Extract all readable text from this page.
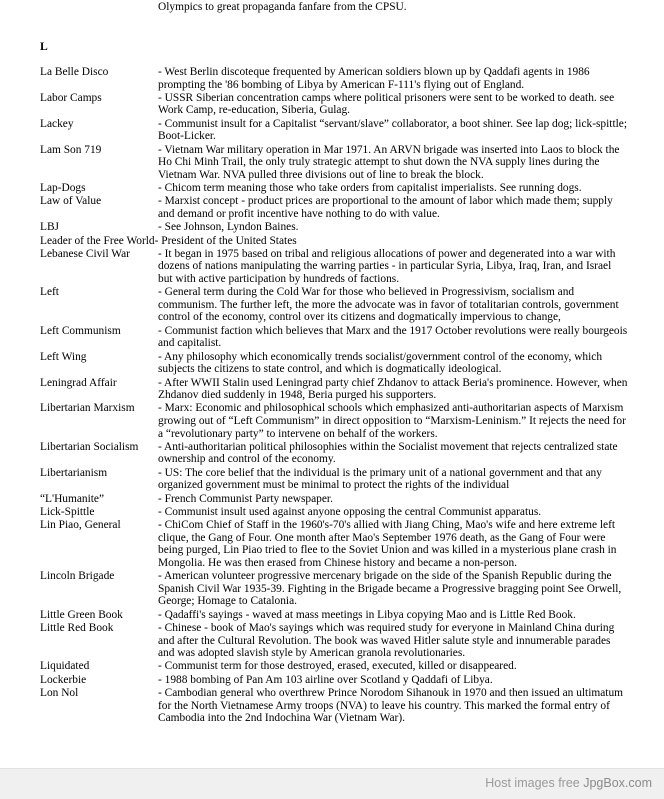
Olympics to great propaganda fanfare from the CPSU.
L
La Belle Disco	- West Berlin discoteque frequented by American soldiers blown up by Qaddafi agents in 1986 prompting the '86 bombing of Libya by American F-111's flying out of England.
Labor Camps	- USSR Siberian concentration camps where political prisoners were sent to be worked to death. see Work Camp, re-education, Siberia, Gulag.
Lackey	- Communist insult for a Capitalist “servant/slave” collaborator, a boot shiner. See lap dog; lick-spittle; Boot-Licker.
Lam Son 719	- Vietnam War military operation in Mar 1971. An ARVN brigade was inserted into Laos to block the Ho Chi Minh Trail, the only truly strategic attempt to shut down the NVA supply lines during the Vietnam War. NVA pulled three divisions out of line to break the block.
Lap-Dogs	- Chicom term meaning those who take orders from capitalist imperialists. See running dogs.
Law of Value	- Marxist concept - product prices are proportional to the amount of labor which made them; supply and demand or profit incentive have nothing to do with value.
LBJ	- See Johnson, Lyndon Baines.
Leader of the Free World - President of the United States
Lebanese Civil War	- It began in 1975 based on tribal and religious allocations of power and degenerated into a war with dozens of nations manipulating the warring parties - in particular Syria, Libya, Iraq, Iran, and Israel but with active participation by hundreds of factions.
Left	- General term during the Cold War for those who believed in Progressivism, socialism and communism. The further left, the more the advocate was in favor of totalitarian controls, government control of the economy, control over its citizens and dogmatically impervious to change,
Left Communism	- Communist faction which believes that Marx and the 1917 October revolutions were really bourgeois and capitalist.
Left Wing	- Any philosophy which economically trends socialist/government control of the economy, which subjects the citizens to state control, and which is dogmatically ideological.
Leningrad Affair	- After WWII Stalin used Leningrad party chief Zhdanov to attack Beria's prominence. However, when Zhdanov died suddenly in 1948, Beria purged his supporters.
Libertarian Marxism	- Marx: Economic and philosophical schools which emphasized anti-authoritarian aspects of Marxism growing out of “Left Communism” in direct opposition to “Marxism-Leninism.” It rejects the need for a “revolutionary party” to intervene on behalf of the workers.
Libertarian Socialism	- Anti-authoritarian political philosophies within the Socialist movement that rejects centralized state ownership and control of the economy.
Libertarianism	- US: The core belief that the individual is the primary unit of a national government and that any organized government must be minimal to protect the rights of the individual
“L'Humanite”	- French Communist Party newspaper.
Lick-Spittle	- Communist insult used against anyone opposing the central Communist apparatus.
Lin Piao, General	- ChiCom Chief of Staff in the 1960's-70's allied with Jiang Ching, Mao's wife and here extreme left clique, the Gang of Four. One month after Mao's September 1976 death, as the Gang of Four were being purged, Lin Piao tried to flee to the Soviet Union and was killed in a mysterious plane crash in Mongolia. He was then erased from Chinese history and became a non-person.
Lincoln Brigade	- American volunteer progressive mercenary brigade on the side of the Spanish Republic during the Spanish Civil War 1935-39. Fighting in the Brigade became a Progressive bragging point See Orwell, George; Homage to Catalonia.
Little Green Book	- Qadaffi's sayings - waved at mass meetings in Libya copying Mao and is Little Red Book.
Little Red Book	- Chinese - book of Mao's sayings which was required study for everyone in Mainland China during and after the Cultural Revolution. The book was waved Hitler salute style and innumerable parades and was adopted slavish style by American granola revolutionaries.
Liquidated	- Communist term for those destroyed, erased, executed, killed or disappeared.
Lockerbie	- 1988 bombing of Pan Am 103 airline over Scotland y Qaddafi of Libya.
Lon Nol	- Cambodian general who overthrew Prince Norodom Sihanouk in 1970 and then issued an ultimatum for the North Vietnamese Army troops (NVA) to leave his country. This marked the formal entry of Cambodia into the 2nd Indochina War (Vietnam War).
Host images free JpgBox.com
